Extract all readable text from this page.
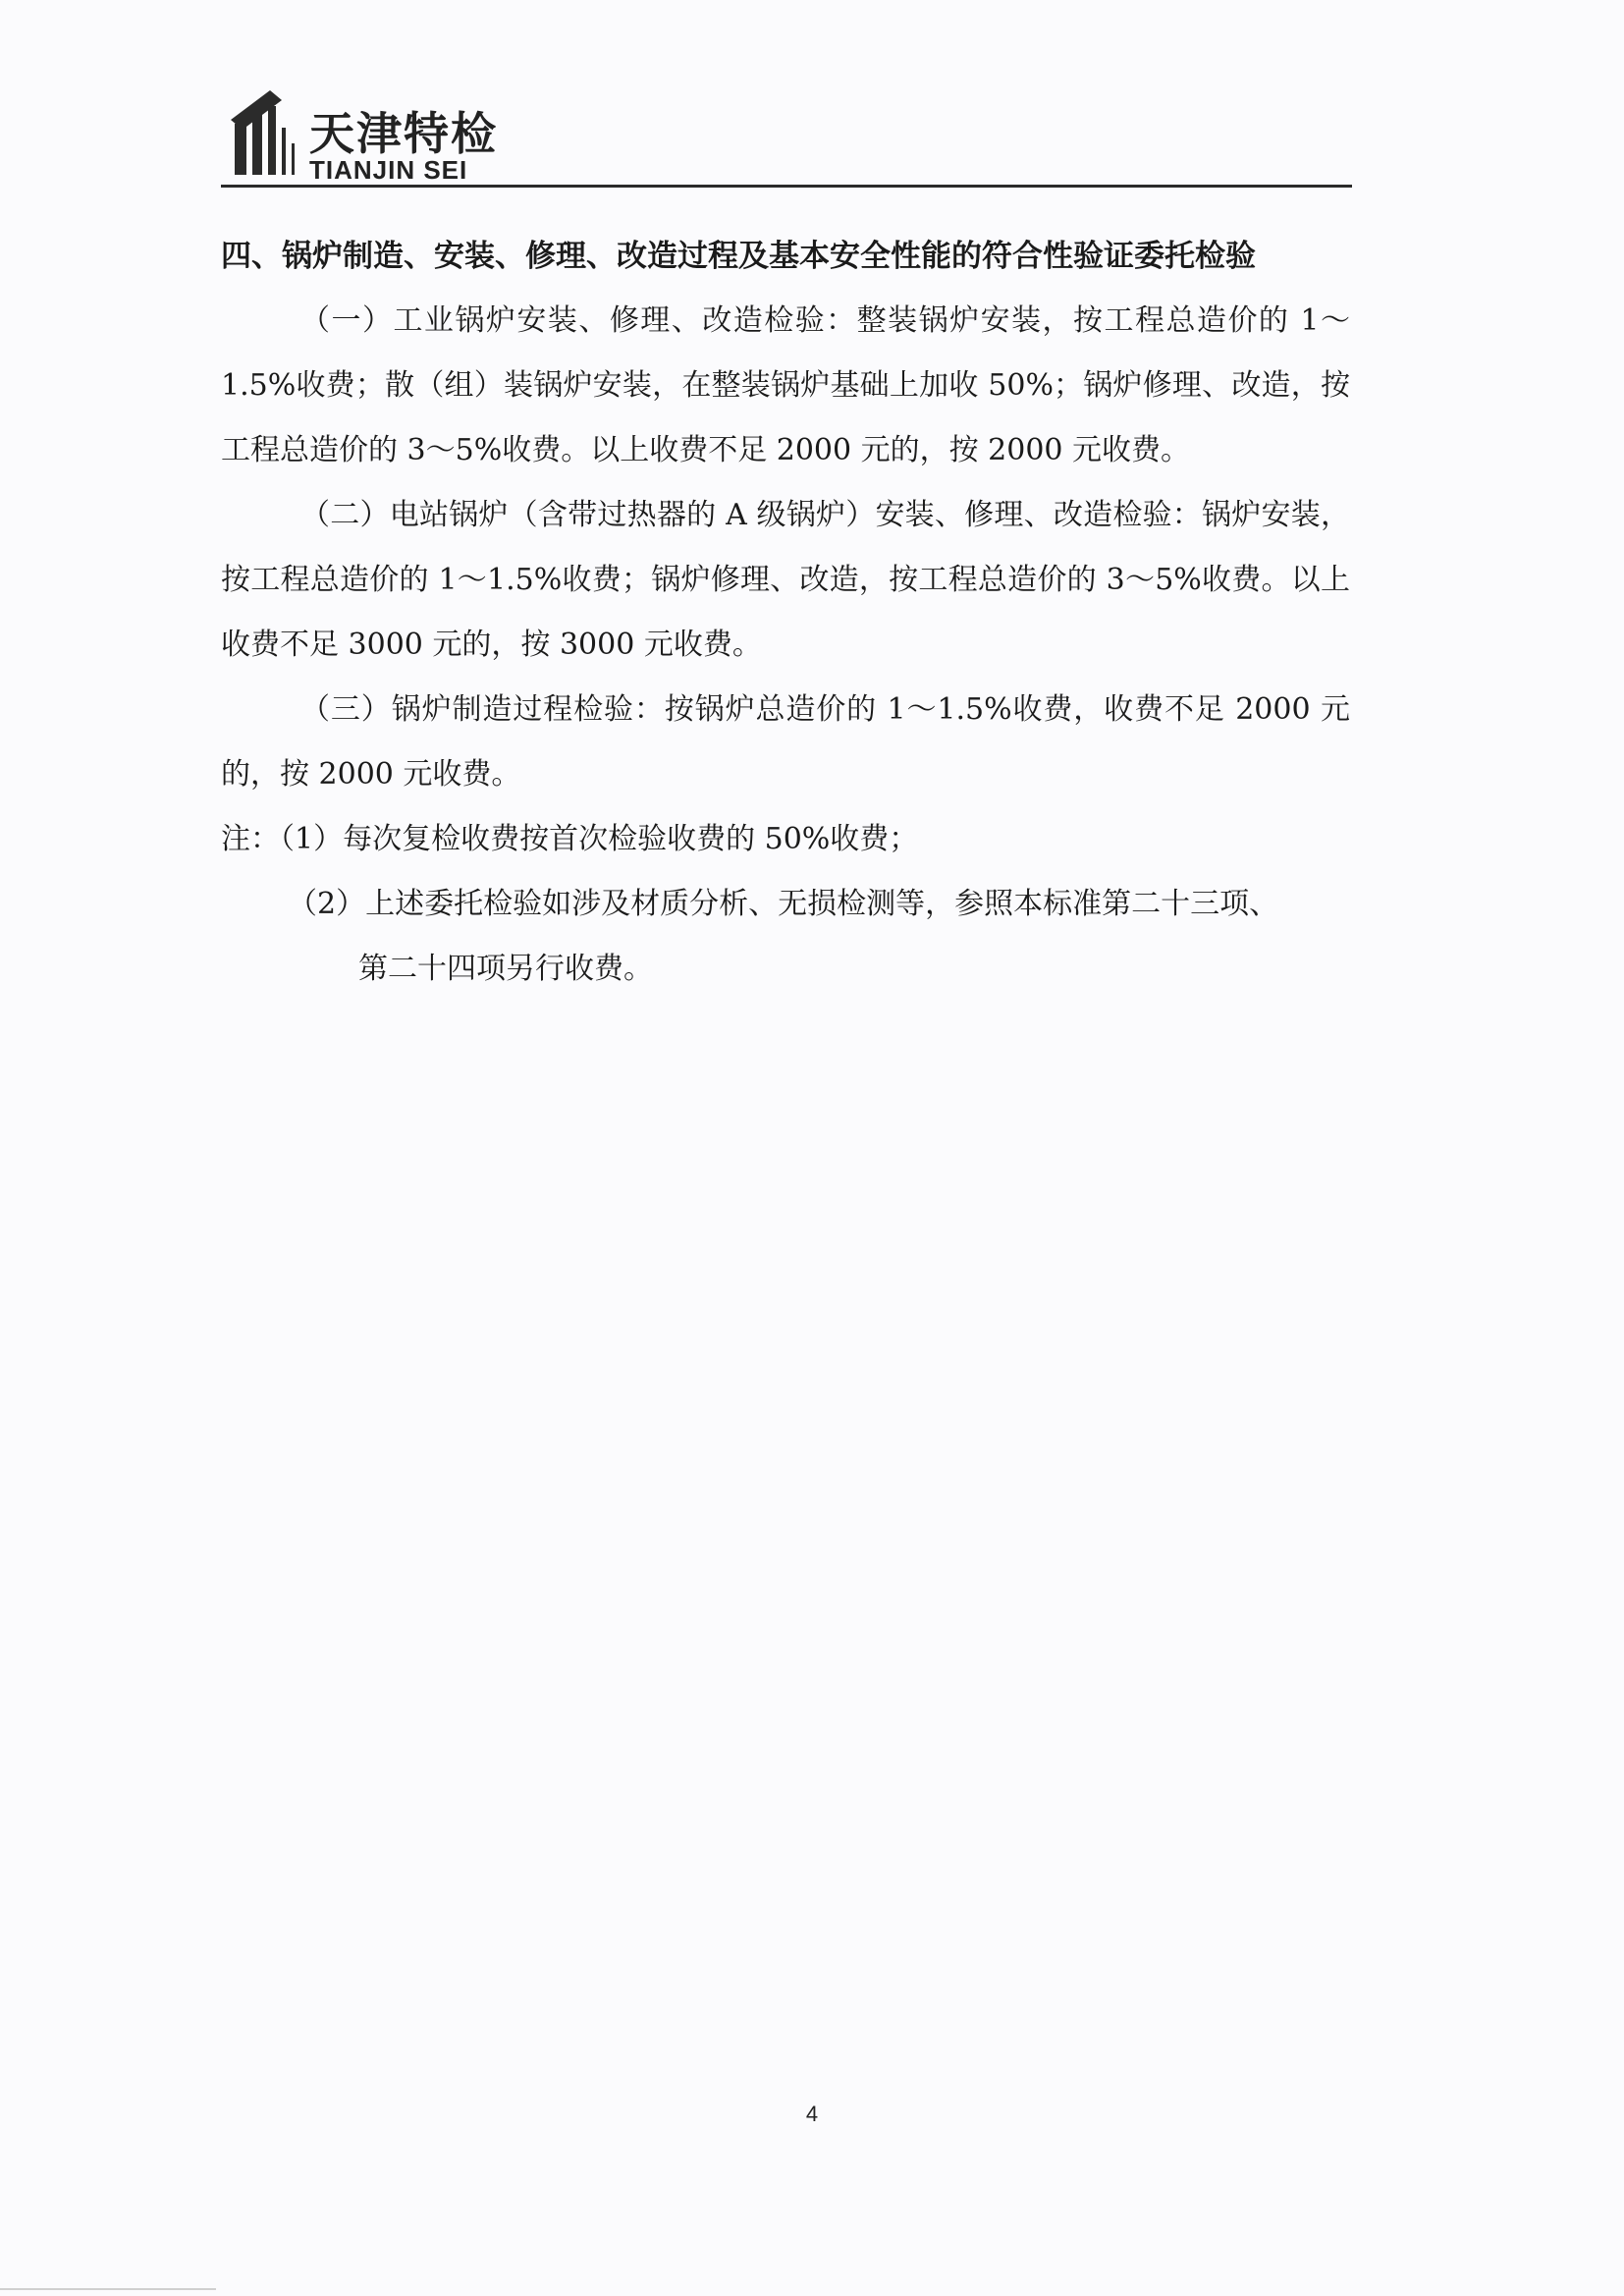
天津特检
TIANJIN SEI
四、锅炉制造、安装、修理、改造过程及基本安全性能的符合性验证委托检验

（一）工业锅炉安装、修理、改造检验：整装锅炉安装，按工程总造价的 1～1.5%收费；散（组）装锅炉安装，在整装锅炉基础上加收 50%；锅炉修理、改造，按工程总造价的 3～5%收费。以上收费不足 2000 元的，按 2000 元收费。

（二）电站锅炉（含带过热器的 A 级锅炉）安装、修理、改造检验：锅炉安装，按工程总造价的 1～1.5%收费；锅炉修理、改造，按工程总造价的 3～5%收费。以上收费不足 3000 元的，按 3000 元收费。

（三）锅炉制造过程检验：按锅炉总造价的 1～1.5%收费，收费不足 2000 元的，按 2000 元收费。

注：（1）每次复检收费按首次检验收费的 50%收费；

（2）上述委托检验如涉及材质分析、无损检测等，参照本标准第二十三项、

第二十四项另行收费。

4
